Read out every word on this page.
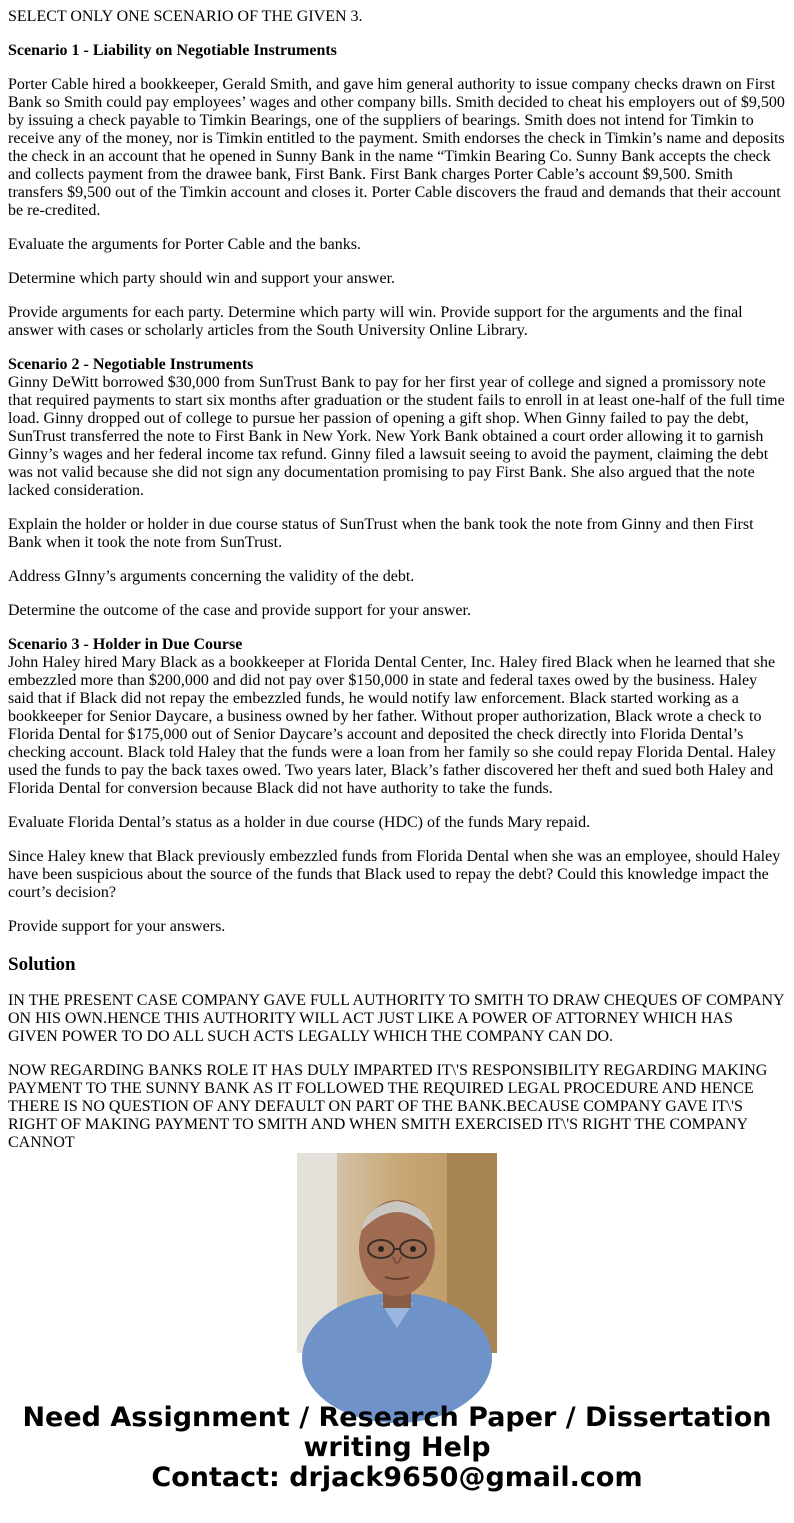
SELECT ONLY ONE SCENARIO OF THE GIVEN 3.

Scenario 1 - Liability on Negotiable Instruments

Porter Cable hired a bookkeeper, Gerald Smith, and gave him general authority to issue company checks drawn on First Bank so Smith could pay employees’ wages and other company bills. Smith decided to cheat his employers out of $9,500 by issuing a check payable to Timkin Bearings, one of the suppliers of bearings. Smith does not intend for Timkin to receive any of the money, nor is Timkin entitled to the payment. Smith endorses the check in Timkin’s name and deposits the check in an account that he opened in Sunny Bank in the name “Timkin Bearing Co. Sunny Bank accepts the check and collects payment from the drawee bank, First Bank. First Bank charges Porter Cable’s account $9,500. Smith transfers $9,500 out of the Timkin account and closes it. Porter Cable discovers the fraud and demands that their account be re-credited.

Evaluate the arguments for Porter Cable and the banks.

Determine which party should win and support your answer.

Provide arguments for each party. Determine which party will win. Provide support for the arguments and the final answer with cases or scholarly articles from the South University Online Library.

Scenario 2 - Negotiable Instruments

Ginny DeWitt borrowed $30,000 from SunTrust Bank to pay for her first year of college and signed a promissory note that required payments to start six months after graduation or the student fails to enroll in at least one-half of the full time load. Ginny dropped out of college to pursue her passion of opening a gift shop. When Ginny failed to pay the debt, SunTrust transferred the note to First Bank in New York. New York Bank obtained a court order allowing it to garnish Ginny’s wages and her federal income tax refund. Ginny filed a lawsuit seeing to avoid the payment, claiming the debt was not valid because she did not sign any documentation promising to pay First Bank. She also argued that the note lacked consideration.

Explain the holder or holder in due course status of SunTrust when the bank took the note from Ginny and then First Bank when it took the note from SunTrust.

Address GInny’s arguments concerning the validity of the debt.

Determine the outcome of the case and provide support for your answer.

Scenario 3 - Holder in Due Course

John Haley hired Mary Black as a bookkeeper at Florida Dental Center, Inc. Haley fired Black when he learned that she embezzled more than $200,000 and did not pay over $150,000 in state and federal taxes owed by the business. Haley said that if Black did not repay the embezzled funds, he would notify law enforcement. Black started working as a bookkeeper for Senior Daycare, a business owned by her father. Without proper authorization, Black wrote a check to Florida Dental for $175,000 out of Senior Daycare’s account and deposited the check directly into Florida Dental’s checking account. Black told Haley that the funds were a loan from her family so she could repay Florida Dental. Haley used the funds to pay the back taxes owed. Two years later, Black’s father discovered her theft and sued both Haley and Florida Dental for conversion because Black did not have authority to take the funds.

Evaluate Florida Dental’s status as a holder in due course (HDC) of the funds Mary repaid.

Since Haley knew that Black previously embezzled funds from Florida Dental when she was an employee, should Haley have been suspicious about the source of the funds that Black used to repay the debt? Could this knowledge impact the court’s decision?

Provide support for your answers.

Solution

IN THE PRESENT CASE COMPANY GAVE FULL AUTHORITY TO SMITH TO DRAW CHEQUES OF COMPANY ON HIS OWN.HENCE THIS AUTHORITY WILL ACT JUST LIKE A POWER OF ATTORNEY WHICH HAS GIVEN POWER TO DO ALL SUCH ACTS LEGALLY WHICH THE COMPANY CAN DO.

NOW REGARDING BANKS ROLE IT HAS DULY IMPARTED IT\'S RESPONSIBILITY REGARDING MAKING PAYMENT TO THE SUNNY BANK AS IT FOLLOWED THE REQUIRED LEGAL PROCEDURE AND HENCE THERE IS NO QUESTION OF ANY DEFAULT ON PART OF THE BANK.BECAUSE COMPANY GAVE IT\'S RIGHT OF MAKING PAYMENT TO SMITH AND WHEN SMITH EXERCISED IT\'S RIGHT THE COMPANY CANNOT

Need Assignment / Research Paper / Dissertation
writing Help
Contact: drjack9650@gmail.com
